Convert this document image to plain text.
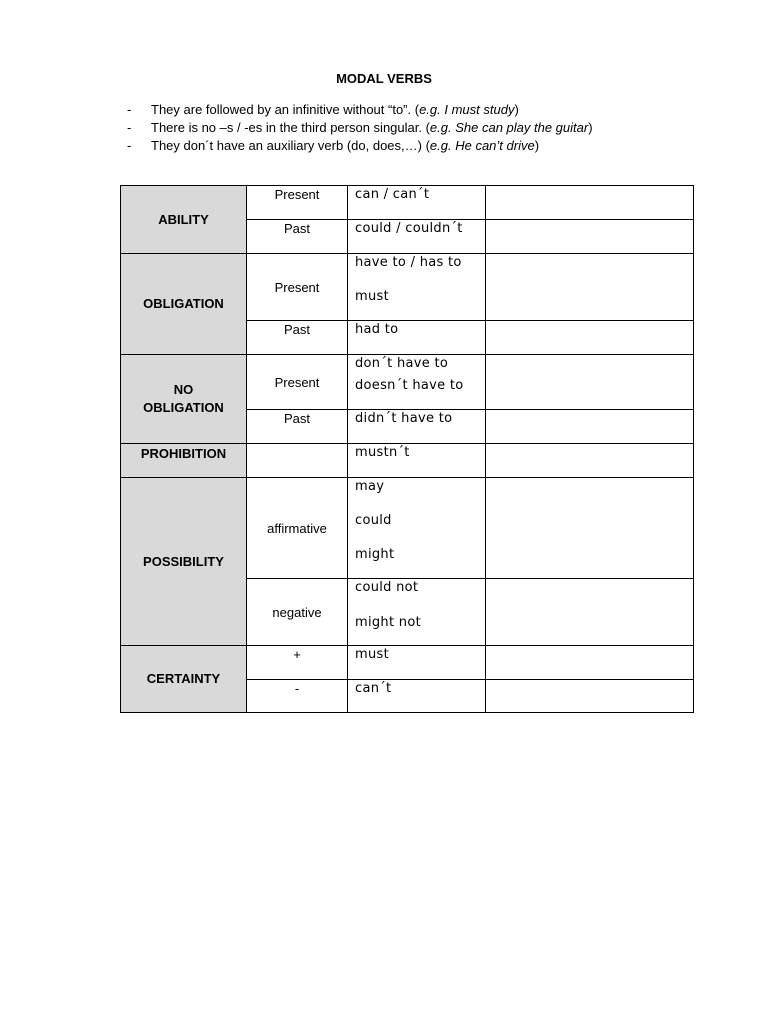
MODAL VERBS
-	They are followed by an infinitive without “to”. (e.g. I must study)
-	There is no –s / -es in the third person singular. (e.g. She can play the guitar)
-	They don´t have an auxiliary verb (do, does,…) (e.g. He can’t drive)
ABILITY	Present	can / can´t	

	Past	could / couldn´t	

OBLIGATION	Present	have to / has to
must	

	Past	had to	

NO
OBLIGATION	Present	don´t have to
doesn´t have to	

	Past	didn´t have to	

PROHIBITION		mustn´t	

POSSIBILITY	affirmative	may
could
might	

	negative	could not
might not	

CERTAINTY	+	must	

	-	can´t	
